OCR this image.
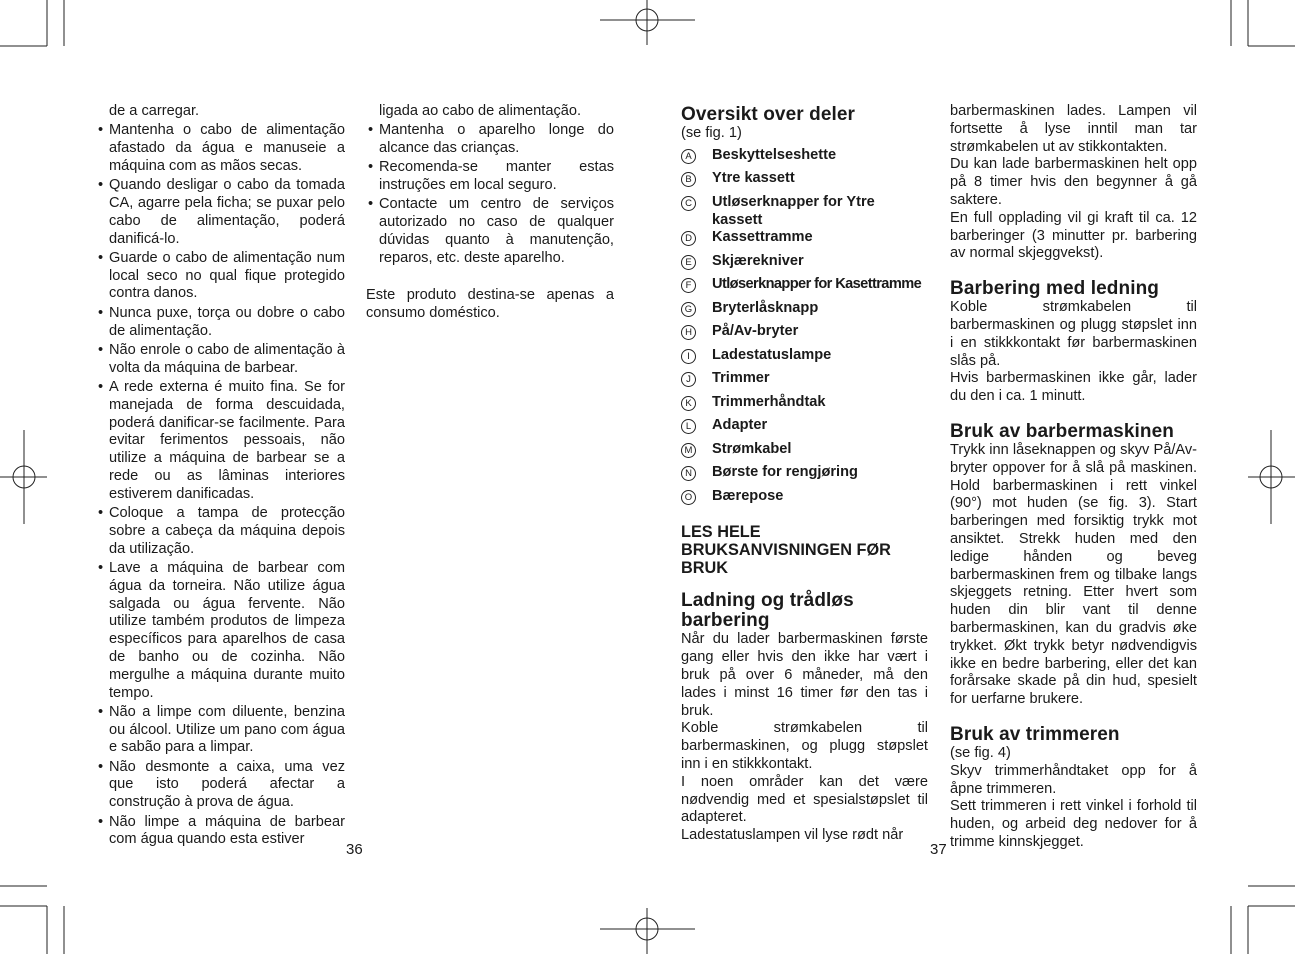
de a carregar.
• Mantenha o cabo de alimentação afastado da água e manuseie a máquina com as mãos secas.
• Quando desligar o cabo da tomada CA, agarre pela ficha; se puxar pelo cabo de alimentação, poderá danificá-lo.
• Guarde o cabo de alimentação num local seco no qual fique protegido contra danos.
• Nunca puxe, torça ou dobre o cabo de alimentação.
• Não enrole o cabo de alimentação à volta da máquina de barbear.
• A rede externa é muito fina. Se for manejada de forma descuidada, poderá danificar-se facilmente. Para evitar ferimentos pessoais, não utilize a máquina de barbear se a rede ou as lâminas interiores estiverem danificadas.
• Coloque a tampa de protecção sobre a cabeça da máquina depois da utilização.
• Lave a máquina de barbear com água da torneira. Não utilize água salgada ou água fervente. Não utilize também produtos de limpeza específicos para aparelhos de casa de banho ou de cozinha. Não mergulhe a máquina durante muito tempo.
• Não a limpe com diluente, benzina ou álcool. Utilize um pano com água e sabão para a limpar.
• Não desmonte a caixa, uma vez que isto poderá afectar a construção à prova de água.
• Não limpe a máquina de barbear com água quando esta estiver
ligada ao cabo de alimentação.
• Mantenha o aparelho longe do alcance das crianças.
• Recomenda-se manter estas instruções em local seguro.
• Contacte um centro de serviços autorizado no caso de qualquer dúvidas quanto à manutenção, reparos, etc. deste aparelho.

Este produto destina-se apenas a consumo doméstico.

36
Oversikt over deler

(se fig. 1)

A Beskyttelseshette
B Ytre kassett
C Utløserknapper for Ytre kassett
D Kassettramme
E Skjærekniver
F	Utløserknapper for Kasettramme
G Bryterlåsknapp
H På/Av-bryter
I	Ladestatuslampe
J	Trimmer
K Trimmerhåndtak
L	Adapter
M Strømkabel
N Børste for rengjøring
O Bærepose
LES HELE BRUKSANVISNINGEN FØR BRUK
Ladning og trådløs barbering

Når du lader barbermaskinen første gang eller hvis den ikke har vært i bruk på over 6 måneder, må den lades i minst 16 timer før den tas i bruk.

Koble strømkabelen til barbermaskinen, og plugg støpslet inn i en stikkkontakt.

I noen områder kan det være nødvendig med et spesialstøpslet til adapteret.

Ladestatuslampen vil lyse rødt når

barbermaskinen lades. Lampen vil fortsette å lyse inntil man tar strømkabelen ut av stikkontakten.

Du kan lade barbermaskinen helt opp på 8 timer hvis den begynner å gå saktere.

En full opplading vil gi kraft til ca. 12 barberinger (3 minutter pr. barbering av normal skjeggvekst).

Barbering med ledning

Koble strømkabelen til barbermaskinen og plugg støpslet inn i en stikkkontakt før barbermaskinen slås på.

Hvis barbermaskinen ikke går, lader du den i ca. 1 minutt.

Bruk av barbermaskinen

Trykk inn låseknappen og skyv På/Av-bryter oppover for å slå på maskinen. Hold barbermaskinen i rett vinkel (90°) mot huden (se fig. 3). Start barberingen med forsiktig trykk mot ansiktet. Strekk huden med den ledige hånden og beveg barbermaskinen frem og tilbake langs skjeggets retning. Etter hvert som huden din blir vant til denne barbermaskinen, kan du gradvis øke trykket. Økt trykk betyr nødvendigvis ikke en bedre barbering, eller det kan forårsake skade på din hud, spesielt for uerfarne brukere.

Bruk av trimmeren

(se fig. 4)

Skyv trimmerhåndtaket opp for å åpne trimmeren.

Sett trimmeren i rett vinkel i forhold til huden, og arbeid deg nedover for å trimme kinnskjegget.

37
